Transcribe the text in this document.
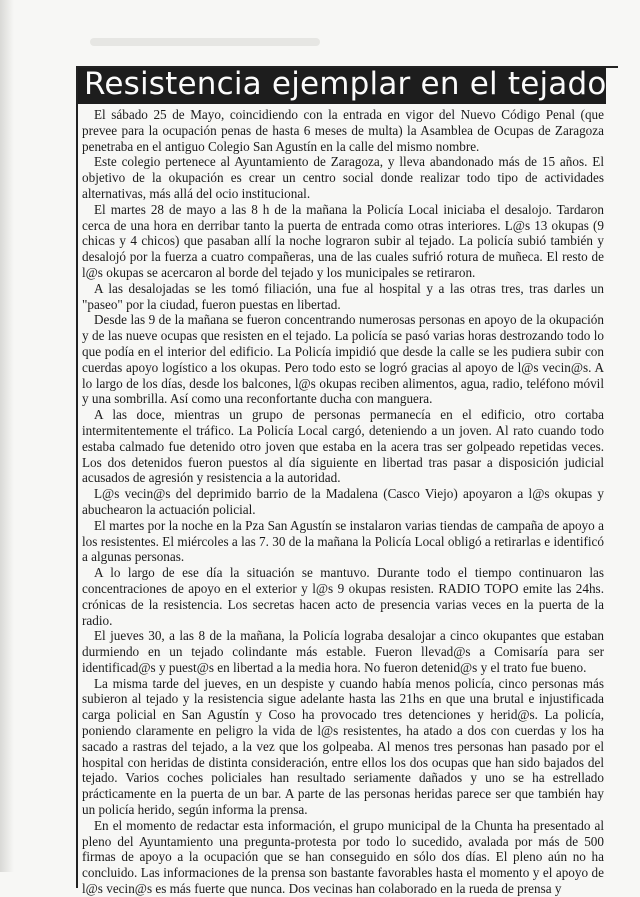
Resistencia ejemplar en el tejado

El sábado 25 de Mayo, coincidiendo con la entrada en vigor del Nuevo Código Penal (que prevee para la ocupación penas de hasta 6 meses de multa) la Asamblea de Ocupas de Zaragoza penetraba en el antiguo Colegio San Agustín en la calle del mismo nombre.

Este colegio pertenece al Ayuntamiento de Zaragoza, y lleva abandonado más de 15 años. El objetivo de la okupación es crear un centro social donde realizar todo tipo de actividades alternativas, más allá del ocio institucional.

El martes 28 de mayo a las 8 h de la mañana la Policía Local iniciaba el desalojo. Tardaron cerca de una hora en derribar tanto la puerta de entrada como otras interiores. L@s 13 okupas (9 chicas y 4 chicos) que pasaban allí la noche lograron subir al tejado. La policía subió también y desalojó por la fuerza a cuatro compañeras, una de las cuales sufrió rotura de muñeca. El resto de l@s okupas se acercaron al borde del tejado y los municipales se retiraron.

A las desalojadas se les tomó filiación, una fue al hospital y a las otras tres, tras darles un "paseo" por la ciudad, fueron puestas en libertad.

Desde las 9 de la mañana se fueron concentrando numerosas personas en apoyo de la okupación y de las nueve ocupas que resisten en el tejado. La policía se pasó varias horas destrozando todo lo que podía en el interior del edificio. La Policía impidió que desde la calle se les pudiera subir con cuerdas apoyo logístico a los okupas. Pero todo esto se logró gracias al apoyo de l@s vecin@s. A lo largo de los días, desde los balcones, l@s okupas reciben alimentos, agua, radio, teléfono móvil y una sombrilla. Así como una reconfortante ducha con manguera.

A las doce, mientras un grupo de personas permanecía en el edificio, otro cortaba intermitentemente el tráfico. La Policía Local cargó, deteniendo a un joven. Al rato cuando todo estaba calmado fue detenido otro joven que estaba en la acera tras ser golpeado repetidas veces. Los dos detenidos fueron puestos al día siguiente en libertad tras pasar a disposición judicial acusados de agresión y resistencia a la autoridad.

L@s vecin@s del deprimido barrio de la Madalena (Casco Viejo) apoyaron a l@s okupas y abuchearon la actuación policial.

El martes por la noche en la Pza San Agustín se instalaron varias tiendas de campaña de apoyo a los resistentes. El miércoles a las 7. 30 de la mañana la Policía Local obligó a retirarlas e identificó a algunas personas.

A lo largo de ese día la situación se mantuvo. Durante todo el tiempo continuaron las concentraciones de apoyo en el exterior y l@s 9 okupas resisten. RADIO TOPO emite las 24hs. crónicas de la resistencia. Los secretas hacen acto de presencia varias veces en la puerta de la radio.

El jueves 30, a las 8 de la mañana, la Policía lograba desalojar a cinco okupantes que estaban durmiendo en un tejado colindante más estable. Fueron llevad@s a Comisaría para ser identificad@s y puest@s en libertad a la media hora. No fueron detenid@s y el trato fue bueno.

La misma tarde del jueves, en un despiste y cuando había menos policía, cinco personas más subieron al tejado y la resistencia sigue adelante hasta las 21hs en que una brutal e injustificada carga policial en San Agustín y Coso ha provocado tres detenciones y herid@s. La policía, poniendo claramente en peligro la vida de l@s resistentes, ha atado a dos con cuerdas y los ha sacado a rastras del tejado, a la vez que los golpeaba. Al menos tres personas han pasado por el hospital con heridas de distinta consideración, entre ellos los dos ocupas que han sido bajados del tejado. Varios coches policiales han resultado seriamente dañados y uno se ha estrellado prácticamente en la puerta de un bar. A parte de las personas heridas parece ser que también hay un policía herido, según informa la prensa.

En el momento de redactar esta información, el grupo municipal de la Chunta ha presentado al pleno del Ayuntamiento una pregunta-protesta por todo lo sucedido, avalada por más de 500 firmas de apoyo a la ocupación que se han conseguido en sólo dos días. El pleno aún no ha concluido. Las informaciones de la prensa son bastante favorables hasta el momento y el apoyo de l@s vecin@s es más fuerte que nunca. Dos vecinas han colaborado en la rueda de prensa y
